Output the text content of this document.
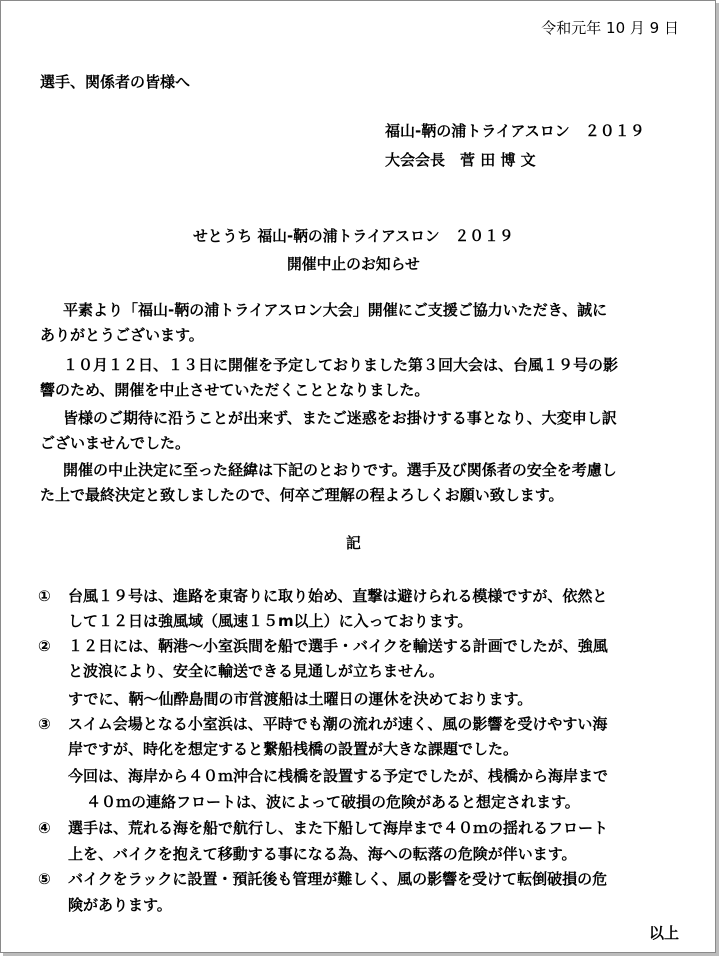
令和元年 10 月 9 日
選手、関係者の皆様へ
福山‐鞆の浦トライアスロン　２０１９
大会会長　菅 田 博 文
せとうち 福山‐鞆の浦トライアスロン　２０１９
開催中止のお知らせ
平素より「福山‐鞆の浦トライアスロン大会」開催にご支援ご協力いただき、誠に
ありがとうございます。
１０月１２日、１３日に開催を予定しておりました第３回大会は、台風１９号の影
響のため、開催を中止させていただくこととなりました。
皆様のご期待に沿うことが出来ず、またご迷惑をお掛けする事となり、大変申し訳
ございませんでした。
開催の中止決定に至った経緯は下記のとおりです。選手及び関係者の安全を考慮し
た上で最終決定と致しましたので、何卒ご理解の程よろしくお願い致します。
記
① 台風１９号は、進路を東寄りに取り始め、直撃は避けられる模様ですが、依然と
して１２日は強風域（風速１５m以上）に入っております。
② １２日には、鞆港～小室浜間を船で選手・バイクを輸送する計画でしたが、強風
と波浪により、安全に輸送できる見通しが立ちません。
すでに、鞆～仙酔島間の市営渡船は土曜日の運休を決めております。
③ スイム会場となる小室浜は、平時でも潮の流れが速く、風の影響を受けやすい海
岸ですが、時化を想定すると繋船桟橋の設置が大きな課題でした。
今回は、海岸から４０ｍ沖合に桟橋を設置する予定でしたが、桟橋から海岸まで
４０ｍの連絡フロートは、波によって破損の危険があると想定されます。
④ 選手は、荒れる海を船で航行し、また下船して海岸まで４０ｍの揺れるフロート
上を、バイクを抱えて移動する事になる為、海への転落の危険が伴います。
⑤ バイクをラックに設置・預託後も管理が難しく、風の影響を受けて転倒破損の危
険があります。
以上
